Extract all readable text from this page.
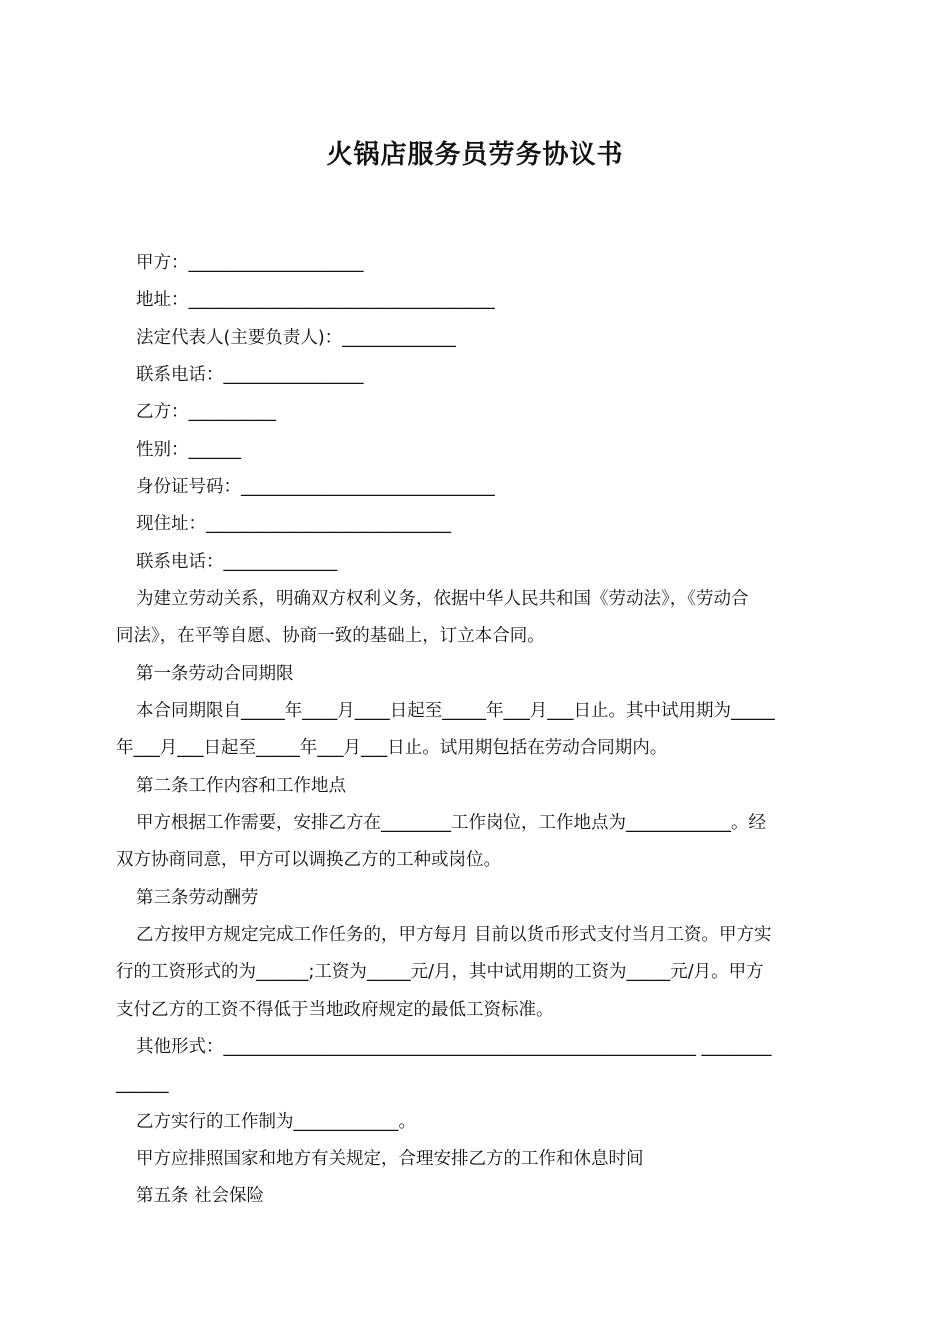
火锅店服务员劳务协议书
甲方：____________________
地址：___________________________________
法定代表人(主要负责人)：_____________
联系电话：________________
乙方：__________
性别：______
身份证号码：_____________________________
现住址：____________________________
联系电话：_____________
为建立劳动关系，明确双方权利义务，依据中华人民共和国《劳动法》，《劳动合
同法》，在平等自愿、协商一致的基础上，订立本合同。
第一条劳动合同期限
本合同期限自_____年____月____日起至_____年___月___日止。其中试用期为_____
年___月___日起至_____年___月___日止。试用期包括在劳动合同期内。
第二条工作内容和工作地点
甲方根据工作需要，安排乙方在________工作岗位，工作地点为____________。经
双方协商同意，甲方可以调换乙方的工种或岗位。
第三条劳动酬劳
乙方按甲方规定完成工作任务的，甲方每月 目前以货币形式支付当月工资。甲方实
行的工资形式的为______;工资为_____元/月，其中试用期的工资为_____元/月。甲方
支付乙方的工资不得低于当地政府规定的最低工资标准。
其他形式：______________________________________________________ ________
______
乙方实行的工作制为____________。
甲方应排照国家和地方有关规定，合理安排乙方的工作和休息时间
第五条 社会保险
